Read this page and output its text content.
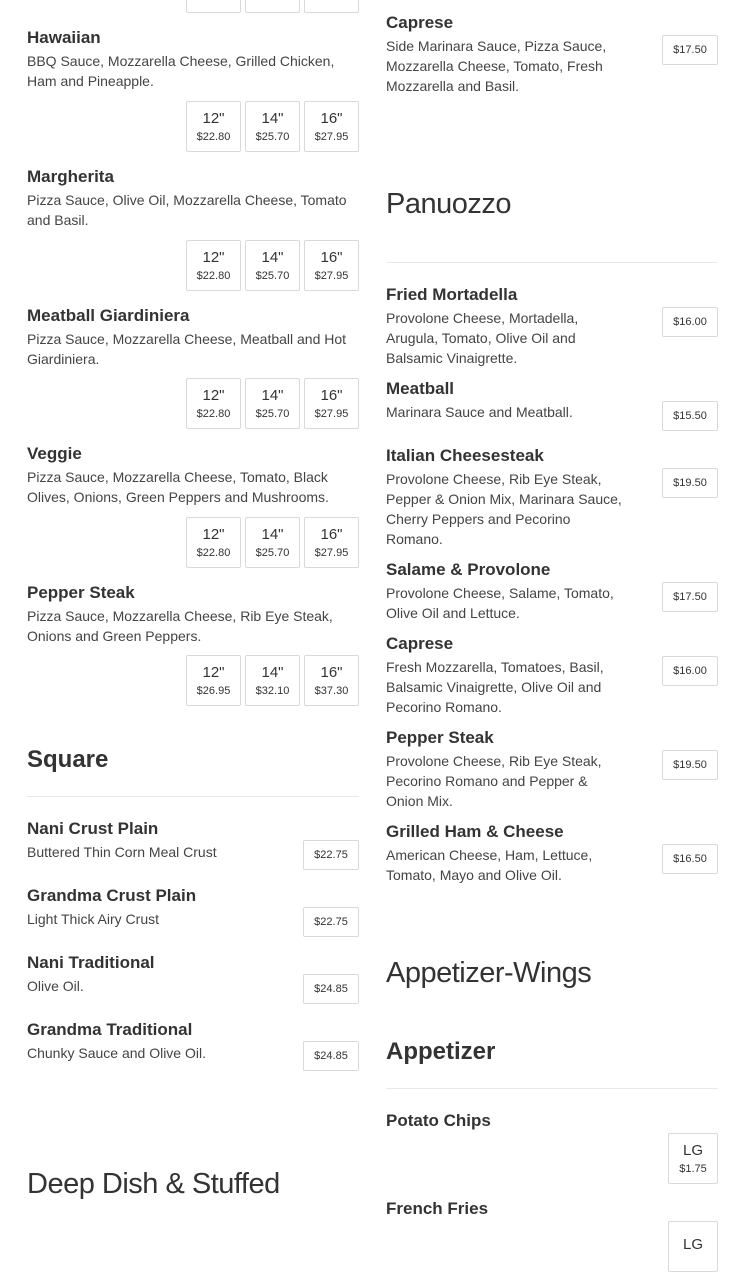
Hawaiian
BBQ Sauce, Mozzarella Cheese, Grilled Chicken, Ham and Pineapple.
12"
$22.80
14"
$25.70
16"
$27.95
Margherita
Pizza Sauce, Olive Oil, Mozzarella Cheese, Tomato and Basil.
12"
$22.80
14"
$25.70
16"
$27.95
Meatball Giardiniera
Pizza Sauce, Mozzarella Cheese, Meatball and Hot Giardiniera.
12"
$22.80
14"
$25.70
16"
$27.95
Veggie
Pizza Sauce, Mozzarella Cheese, Tomato, Black Olives, Onions, Green Peppers and Mushrooms.
12"
$22.80
14"
$25.70
16"
$27.95
Pepper Steak
Pizza Sauce, Mozzarella Cheese, Rib Eye Steak, Onions and Green Peppers.
12"
$26.95
14"
$32.10
16"
$37.30
Square
Nani Crust Plain
Buttered Thin Corn Meal Crust	$22.75
Grandma Crust Plain
Light Thick Airy Crust	$22.75
Nani Traditional
Olive Oil.	$24.85
Grandma Traditional
Chunky Sauce and Olive Oil.	$24.85
Deep Dish & Stuffed
Caprese
Side Marinara Sauce, Pizza Sauce, Mozzarella Cheese, Tomato, Fresh Mozzarella and Basil.
$17.50
Panuozzo
Fried Mortadella
Provolone Cheese, Mortadella, Arugula, Tomato, Olive Oil and Balsamic Vinaigrette.
$16.00
Meatball
Marinara Sauce and Meatball.	$15.50
Italian Cheesesteak
Provolone Cheese, Rib Eye Steak, Pepper & Onion Mix, Marinara Sauce, Cherry Peppers and Pecorino Romano.
$19.50
Salame & Provolone
Provolone Cheese, Salame, Tomato, Olive Oil and Lettuce.
$17.50
Caprese
Fresh Mozzarella, Tomatoes, Basil, Balsamic Vinaigrette, Olive Oil and Pecorino Romano.
$16.00
Pepper Steak
Provolone Cheese, Rib Eye Steak, Pecorino Romano and Pepper & Onion Mix.
$19.50
Grilled Ham & Cheese
American Cheese, Ham, Lettuce, Tomato, Mayo and Olive Oil.
$16.50
Appetizer-Wings
Appetizer
Potato Chips
LG
$1.75
French Fries
LG
